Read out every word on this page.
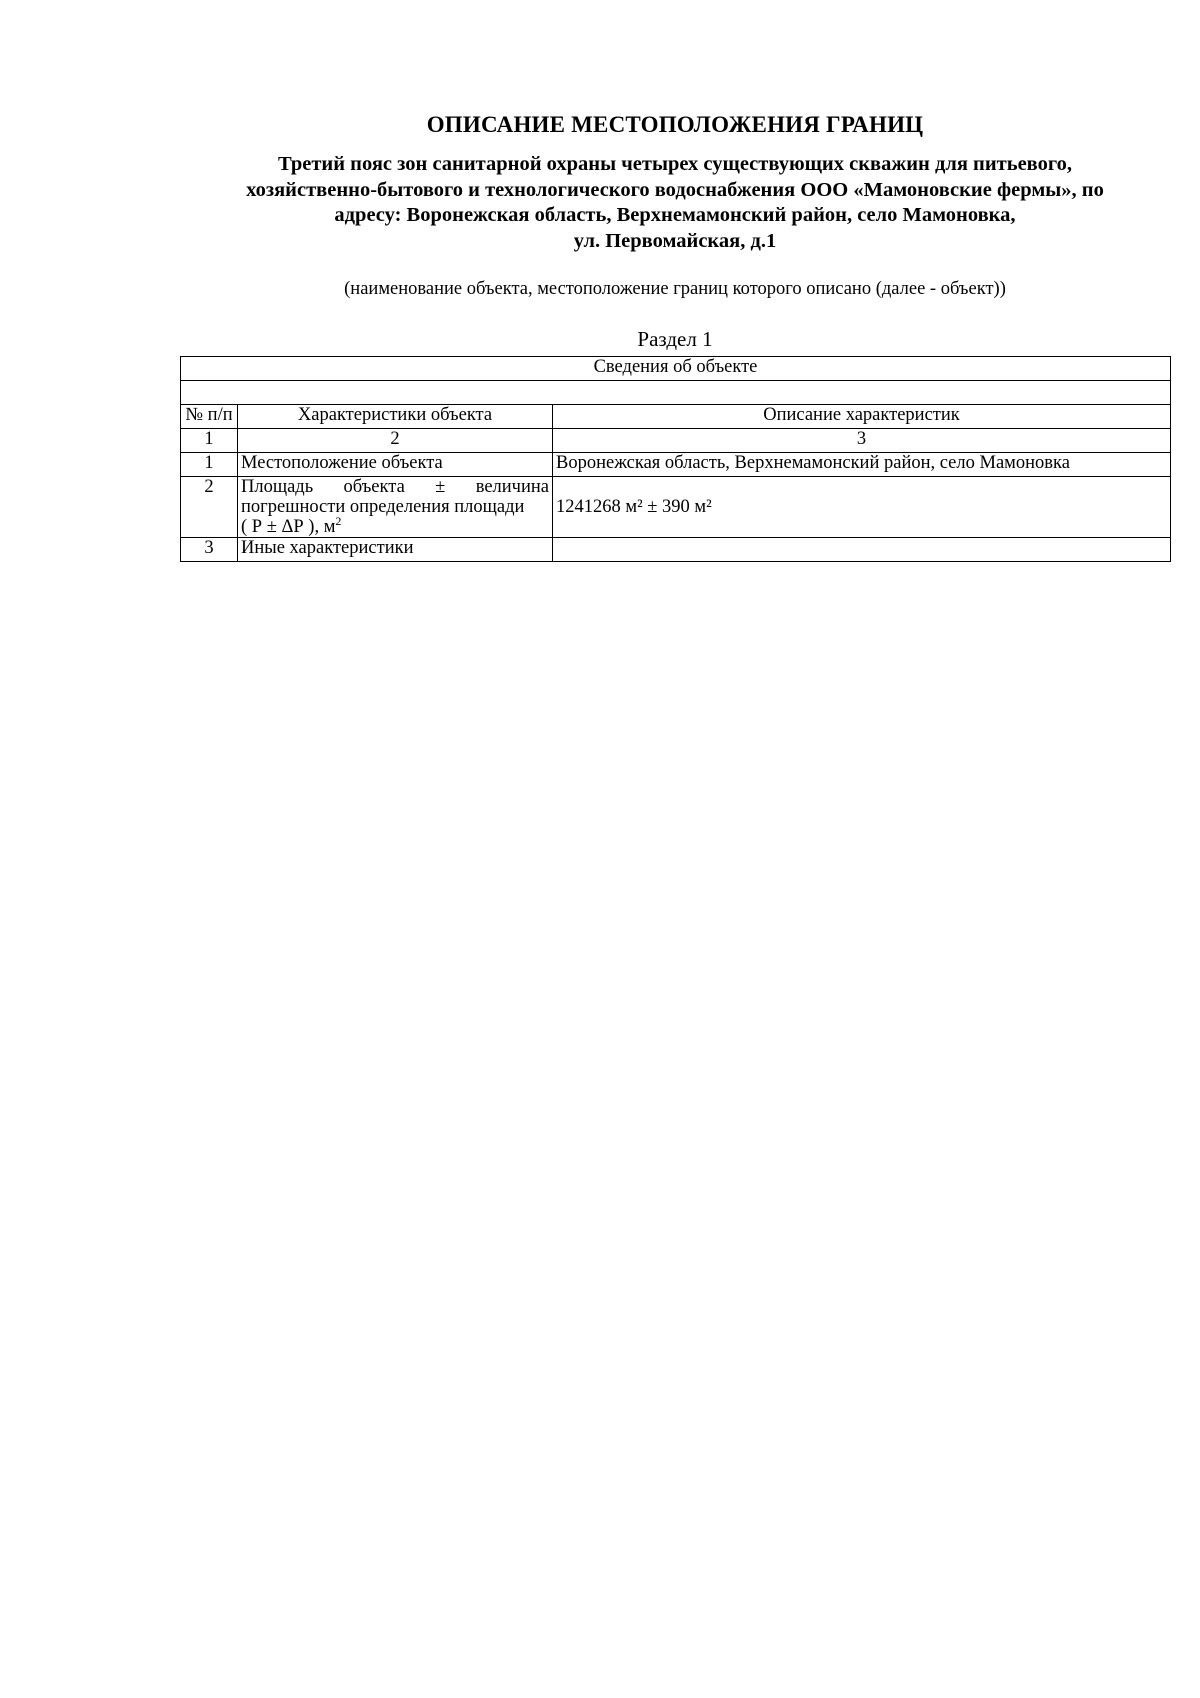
ОПИСАНИЕ МЕСТОПОЛОЖЕНИЯ ГРАНИЦ
Третий пояс зон санитарной охраны четырех существующих скважин для питьевого,
хозяйственно-бытового и технологического водоснабжения ООО «Мамоновские фермы», по
адресу: Воронежская область, Верхнемамонский район, село Мамоновка,
ул. Первомайская, д.1
(наименование объекта, местоположение границ которого описано (далее - объект))
Раздел 1
Сведения об объекте		

№ п/п	Характеристики объекта	Описание характеристик
1	2	3
1	Местоположение объекта	Воронежская область, Верхнемамонский район, село Мамоновка
2	Площадь объекта ± величина
погрешности определения площади
( Р ± ΔР ), $м^2$	1241268 м² ± 390 м²
3	Иные характеристики	
